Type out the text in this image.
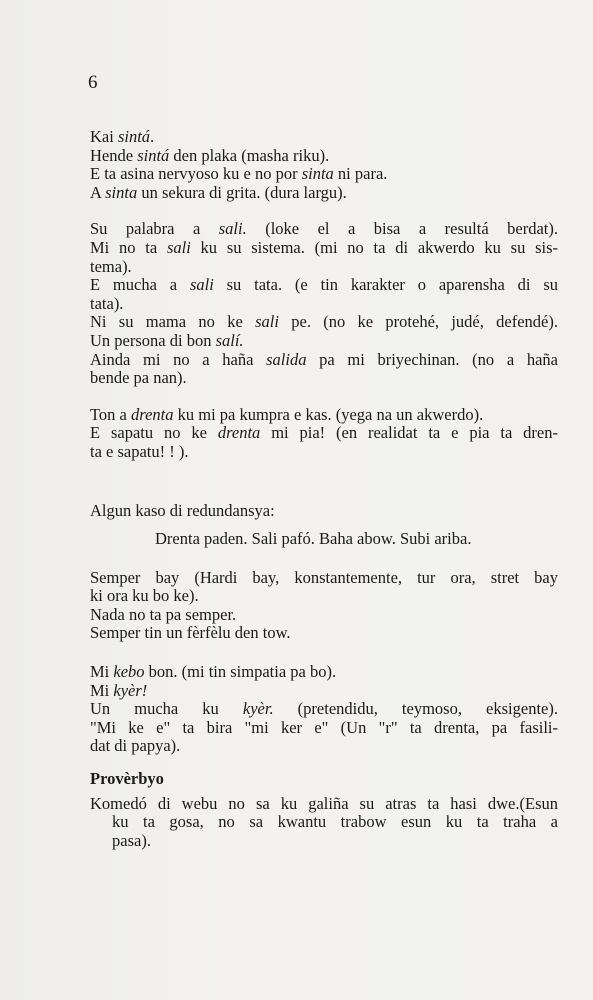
6
Kai sintá.
Hende sintá den plaka (masha riku).
E ta asina nervyoso ku e no por sinta ni para.
A sinta un sekura di grita. (dura largu).
Su palabra a sali. (loke el a bisa a resultá berdat).
Mi no ta sali ku su sistema. (mi no ta di akwerdo ku su sis-
tema).
E mucha a sali su tata. (e tin karakter o aparensha di su
tata).
Ni su mama no ke sali pe. (no ke protehé, judé, defendé).
Un persona di bon salí.
Ainda mi no a haña salida pa mi briyechinan. (no a haña
bende pa nan).
Ton a drenta ku mi pa kumpra e kas. (yega na un akwerdo).
E sapatu no ke drenta mi pia! (en realidat ta e pia ta dren-
ta e sapatu! ! ).
Algun kaso di redundansya:
Drenta paden. Sali pafó. Baha abow. Subi ariba.
Semper bay (Hardi bay, konstantemente, tur ora, stret bay
ki ora ku bo ke).
Nada no ta pa semper.
Semper tin un fèrfèlu den tow.
Mi kebo bon. (mi tin simpatia pa bo).
Mi kyèr!
Un mucha ku kyèr. (pretendidu, teymoso, eksigente).
"Mi ke e" ta bira "mi ker e" (Un "r" ta drenta, pa fasili-
dat di papya).
Provèrbyo
Komedó di webu no sa ku galiña su atras ta hasi dwe.(Esun
ku ta gosa, no sa kwantu trabow esun ku ta traha a
pasa).
